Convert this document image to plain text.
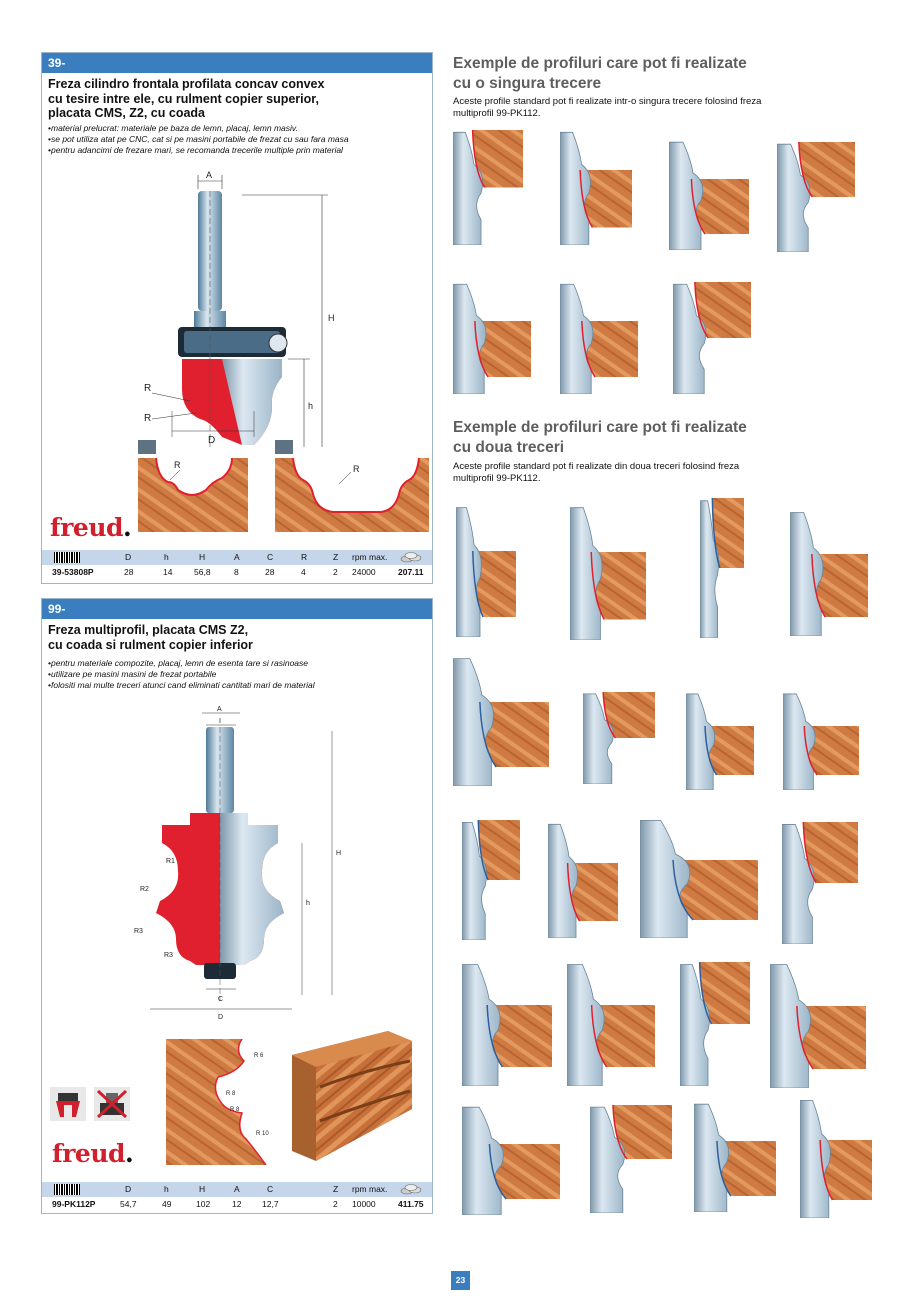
39-
Freza cilindro frontala profilata concav convex
cu tesire intre ele, cu rulment copier superior,
placata CMS, Z2, cu coada
• material prelucrat: materiale pe baza de lemn, placaj, lemn masiv.
• se pot utiliza atat pe CNC, cat si pe masini portabile de frezat cu sau fara masa
• pentru adancimi de frezare mari, se recomanda trecerile multiple prin material
A
H
h
R
R
D
R	R
freud.
D	h	H	A	C	R	Z rpm max.
39-53808P	28	14	56,8	8	28	4	2 24000	207.11
99-
Freza multiprofil, placata CMS Z2,
cu coada si rulment copier inferior
• pentru materiale compozite, placaj, lemn de esenta tare si rasinoase
• utilizare pe masini masini de frezat portabile
• folositi mai multe treceri atunci cand eliminati cantitati mari de material
A
I
R1
R2
R3
R3
H
h
C
D
R 6
R 8
R 8
R 10
freud.
D	h	H	A	C	Z rpm max.
99-PK112P	54,7	49	102	12 12,7	2 10000	411.75
Exemple de profiluri care pot fi realizate
cu o singura trecere
Aceste profile standard pot fi realizate intr-o singura trecere folosind freza
multiprofil 99-PK112.
Exemple de profiluri care pot fi realizate
cu doua treceri
Aceste profile standard pot fi realizate din doua treceri folosind freza
multiprofil 99-PK112.
23
